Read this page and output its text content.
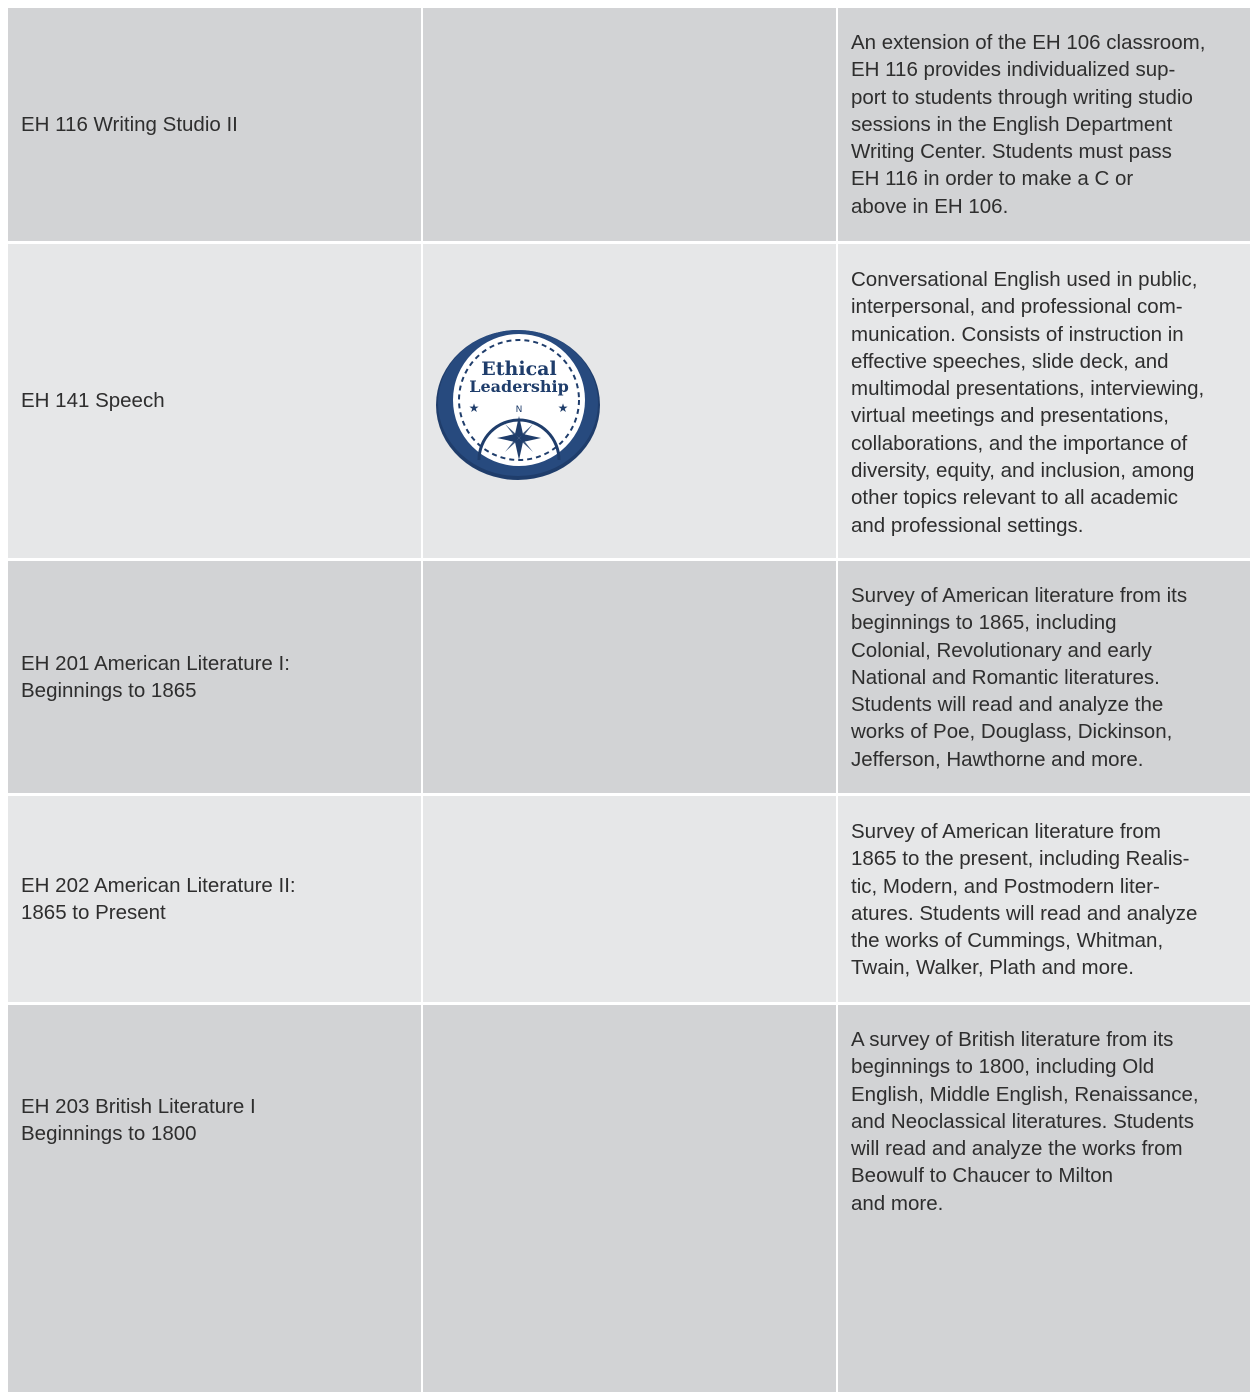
EH 116 Writing Studio II
An extension of the EH 106 classroom,
EH 116 provides individualized sup-
port to students through writing studio
sessions in the English Department
Writing Center. Students must pass
EH 116 in order to make a C or
above in EH 106.
EH 141 Speech
Ethical
Leadership
★	★
N
Conversational English used in public,
interpersonal, and professional com-
munication. Consists of instruction in
effective speeches, slide deck, and
multimodal presentations, interviewing,
virtual meetings and presentations,
collaborations, and the importance of
diversity, equity, and inclusion, among
other topics relevant to all academic
and professional settings.
EH 201 American Literature I:
Beginnings to 1865
Survey of American literature from its
beginnings to 1865, including
Colonial, Revolutionary and early
National and Romantic literatures.
Students will read and analyze the
works of Poe, Douglass, Dickinson,
Jefferson, Hawthorne and more.
EH 202 American Literature II:
1865 to Present
Survey of American literature from
1865 to the present, including Realis-
tic, Modern, and Postmodern liter-
atures. Students will read and analyze
the works of Cummings, Whitman,
Twain, Walker, Plath and more.
EH 203 British Literature I
Beginnings to 1800
A survey of British literature from its
beginnings to 1800, including Old
English, Middle English, Renaissance,
and Neoclassical literatures. Students
will read and analyze the works from
Beowulf to Chaucer to Milton
and more.
